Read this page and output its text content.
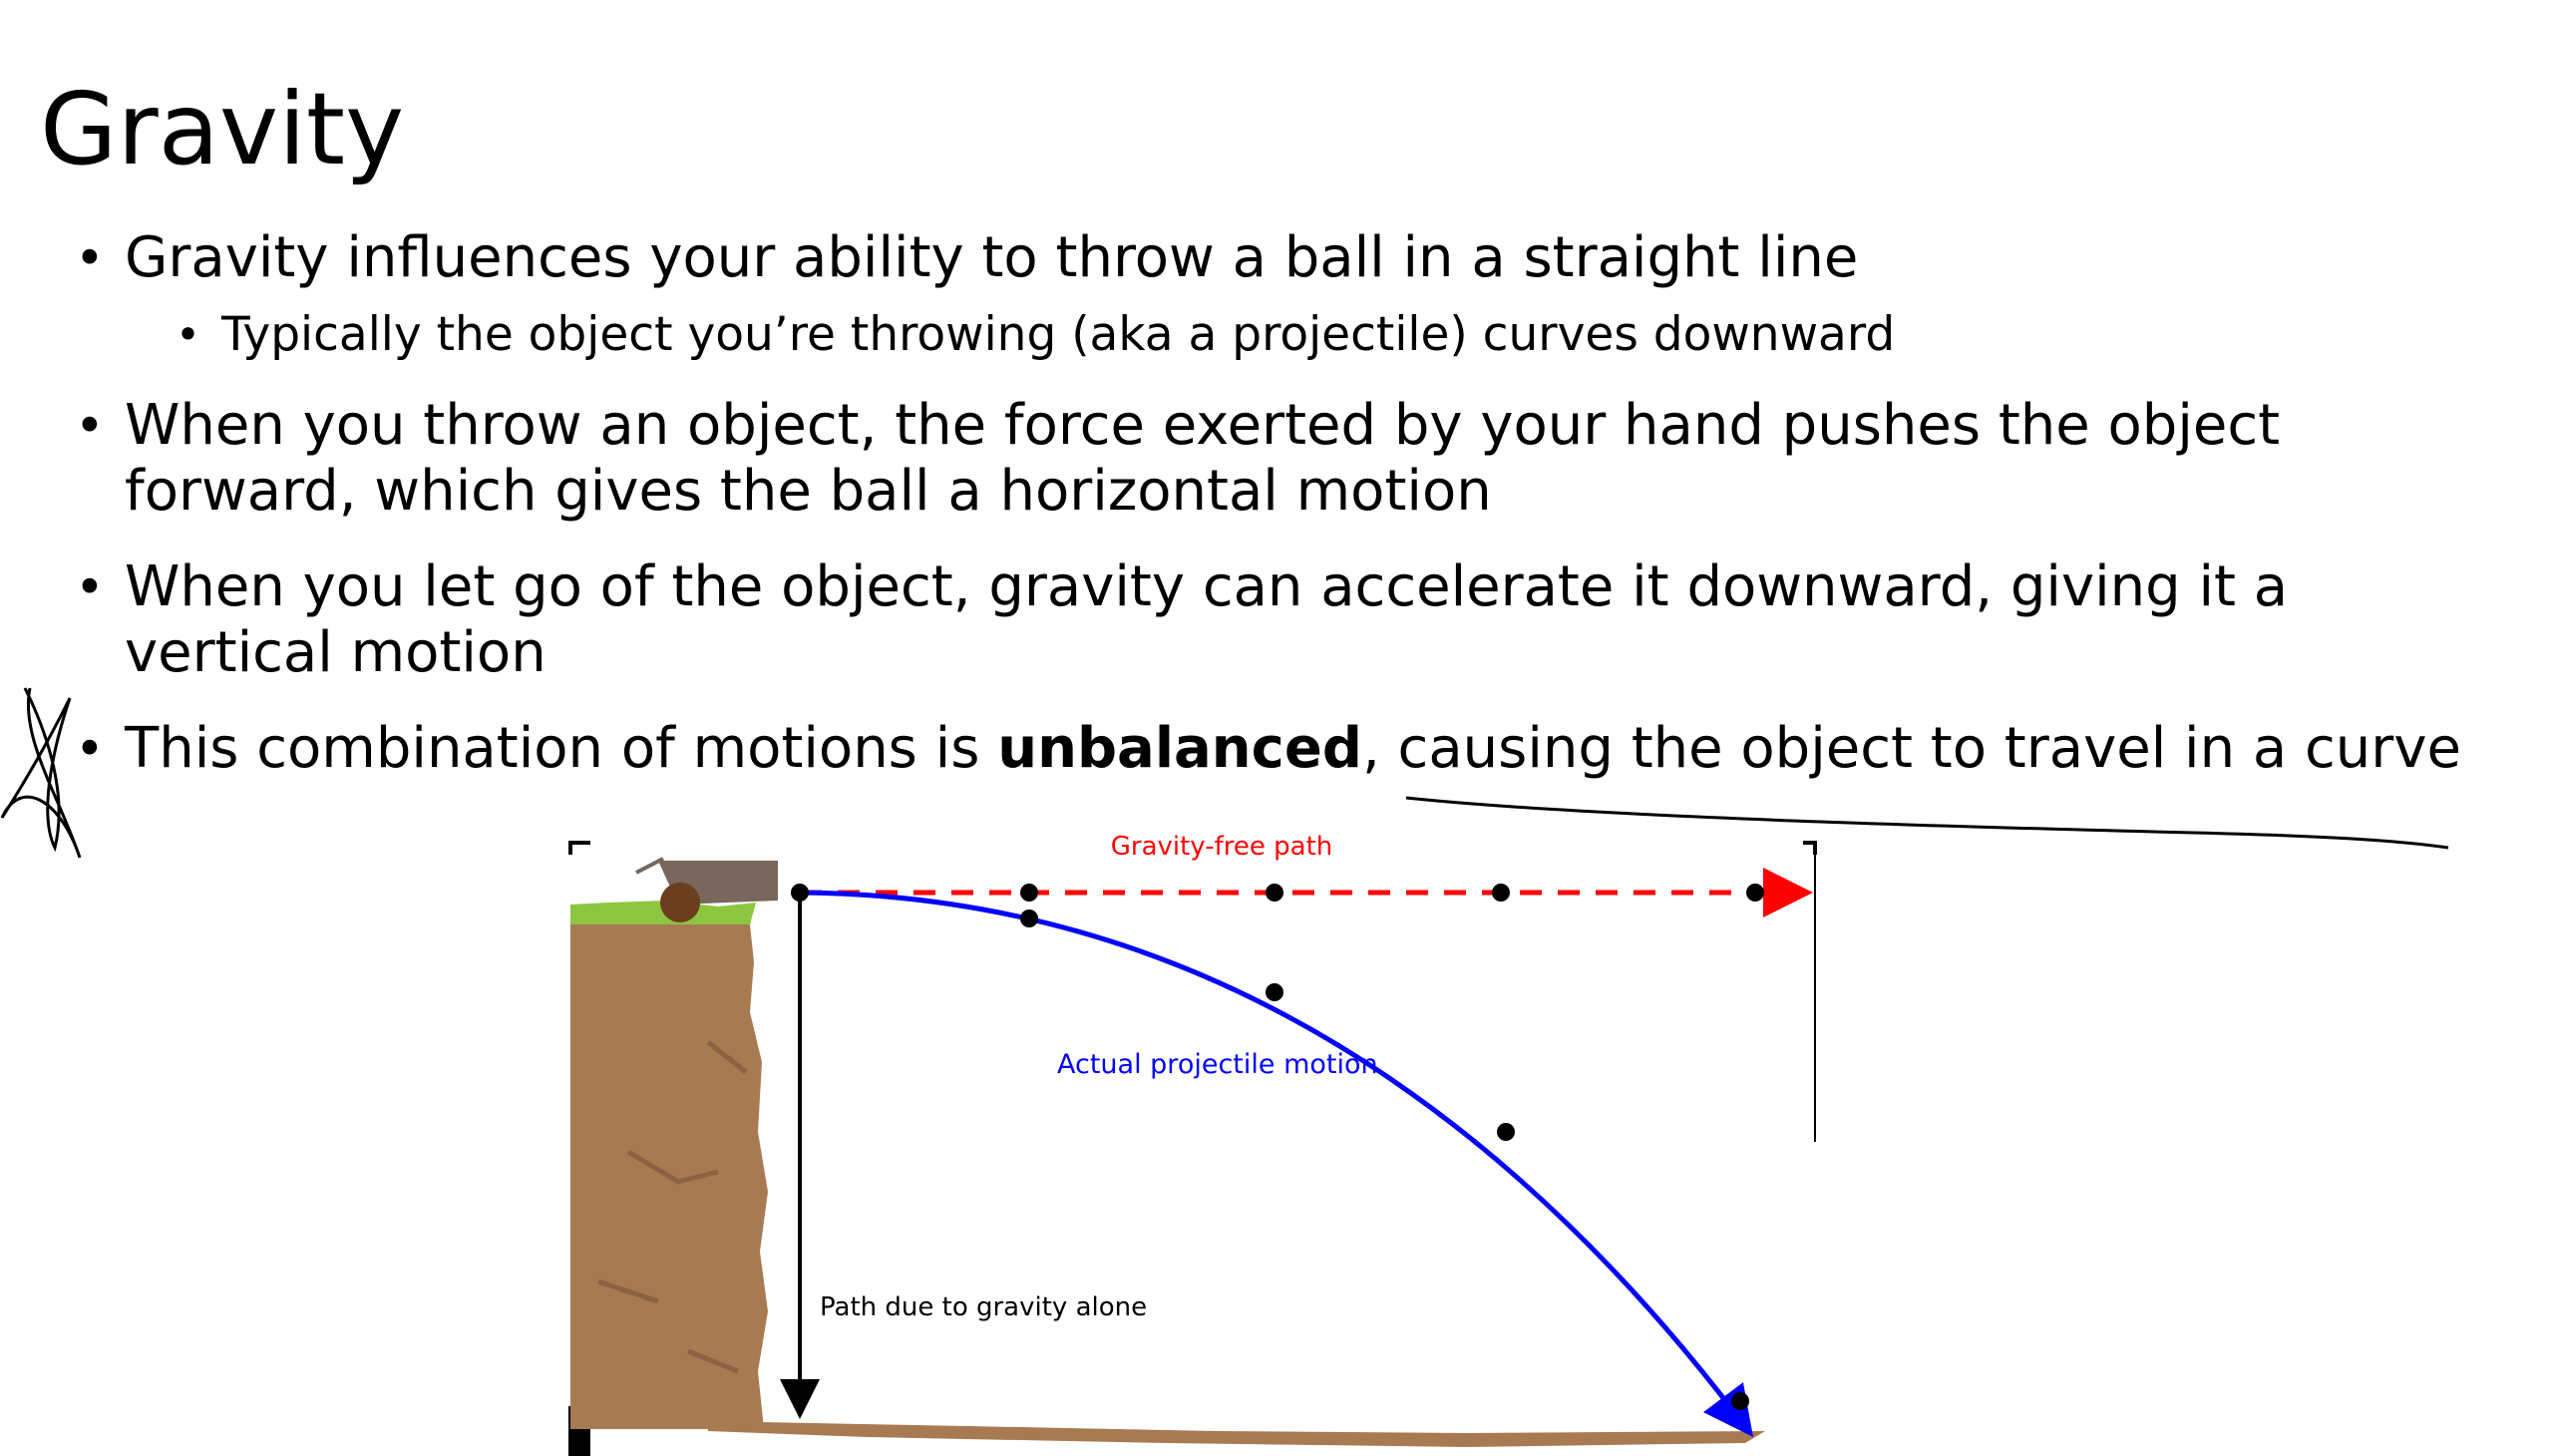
Gravity
• Gravity influences your ability to throw a ball in a straight line
• Typically the object you’re throwing (aka a projectile) curves downward
• When you throw an object, the force exerted by your hand pushes the object
forward, which gives the ball a horizontal motion
• When you let go of the object, gravity can accelerate it downward, giving it a
vertical motion
• This combination of motions is unbalanced, causing the object to travel in a curve
Gravity-free path
Actual projectile motion
Path due to gravity alone
